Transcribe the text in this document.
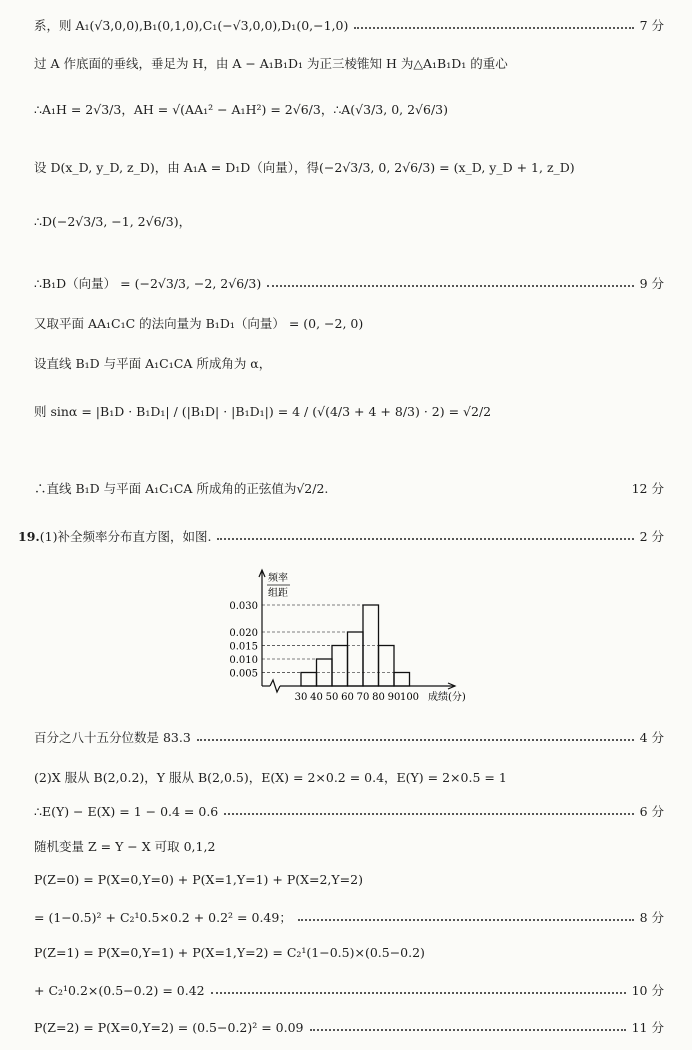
系，则 A₁(√3,0,0),B₁(0,1,0),C₁(−√3,0,0),D₁(0,−1,0)	7 分
过 A 作底面的垂线，垂足为 H，由 A − A₁B₁D₁ 为正三棱锥知 H 为△A₁B₁D₁ 的重心
∴A₁H = 2√3/3，AH = √(AA₁² − A₁H²) = 2√6/3，∴A(√3/3, 0, 2√6/3)
设 D(x_D, y_D, z_D)，由 A₁A = D₁D（向量），得(−2√3/3, 0, 2√6/3) = (x_D, y_D + 1, z_D)
∴D(−2√3/3, −1, 2√6/3)，
∴B₁D（向量） = (−2√3/3, −2, 2√6/3)	9 分
又取平面 AA₁C₁C 的法向量为 B₁D₁（向量） = (0, −2, 0)
设直线 B₁D 与平面 A₁C₁CA 所成角为 α，
则 sinα = |B₁D · B₁D₁| / (|B₁D| · |B₁D₁|) = 4 / (√(4/3 + 4 + 8/3) · 2) = √2/2
∴直线 B₁D 与平面 A₁C₁CA 所成角的正弦值为√2/2.	12 分
19. (1)补全频率分布直方图，如图.	2 分
百分之八十五分位数是 83.3	4 分
(2)X 服从 B(2,0.2)，Y 服从 B(2,0.5)，E(X) = 2×0.2 = 0.4，E(Y) = 2×0.5 = 1
∴E(Y) − E(X) = 1 − 0.4 = 0.6	6 分
随机变量 Z = Y − X 可取 0,1,2
P(Z=0) = P(X=0,Y=0) + P(X=1,Y=1) + P(X=2,Y=2)
= (1−0.5)² + C₂¹0.5×0.2 + 0.2² = 0.49；	8 分
P(Z=1) = P(X=0,Y=1) + P(X=1,Y=2) = C₂¹(1−0.5)×(0.5−0.2)
+ C₂¹0.2×(0.5−0.2) = 0.42	10 分
P(Z=2) = P(X=0,Y=2) = (0.5−0.2)² = 0.09	11 分
0.005
0.010
0.015
0.020
0.030
30 40 50 60 70 80 90 100
频率
组距
成绩(分)
